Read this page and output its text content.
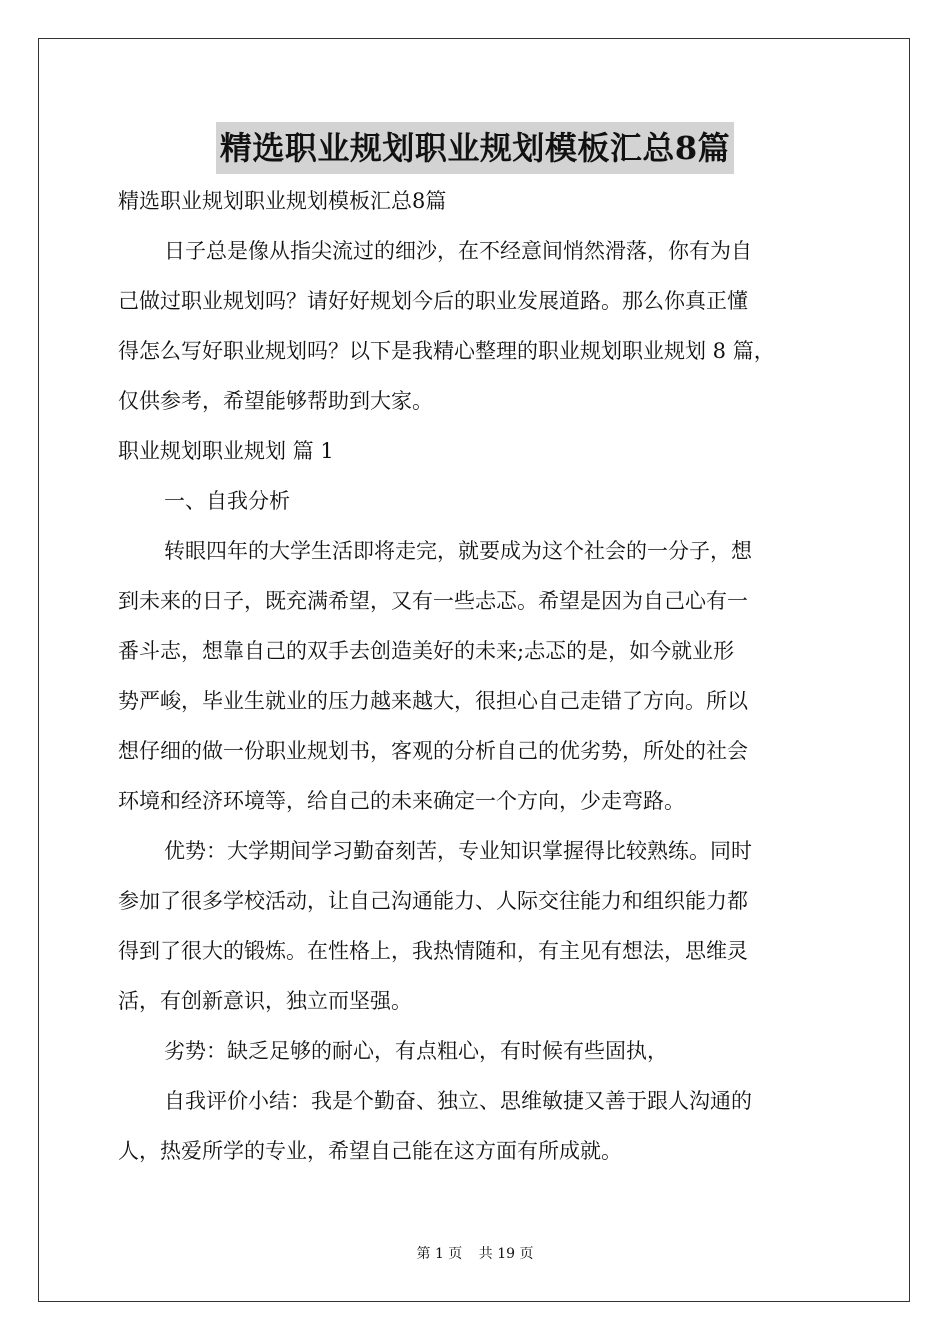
精选职业规划职业规划模板汇总8篇

精选职业规划职业规划模板汇总8篇

日子总是像从指尖流过的细沙，在不经意间悄然滑落，你有为自
己做过职业规划吗？请好好规划今后的职业发展道路。那么你真正懂
得怎么写好职业规划吗？以下是我精心整理的职业规划职业规划 8 篇，
仅供参考，希望能够帮助到大家。

职业规划职业规划 篇 1

一、自我分析

转眼四年的大学生活即将走完，就要成为这个社会的一分子，想
到未来的日子，既充满希望，又有一些忐忑。希望是因为自己心有一
番斗志，想靠自己的双手去创造美好的未来;忐忑的是，如今就业形
势严峻，毕业生就业的压力越来越大，很担心自己走错了方向。所以
想仔细的做一份职业规划书，客观的分析自己的优劣势，所处的社会
环境和经济环境等，给自己的未来确定一个方向，少走弯路。
优势：大学期间学习勤奋刻苦，专业知识掌握得比较熟练。同时
参加了很多学校活动，让自己沟通能力、人际交往能力和组织能力都
得到了很大的锻炼。在性格上，我热情随和，有主见有想法，思维灵
活，有创新意识，独立而坚强。
劣势：缺乏足够的耐心，有点粗心，有时候有些固执，
自我评价小结：我是个勤奋、独立、思维敏捷又善于跟人沟通的
人，热爱所学的专业，希望自己能在这方面有所成就。
第 1 页 共 19 页
